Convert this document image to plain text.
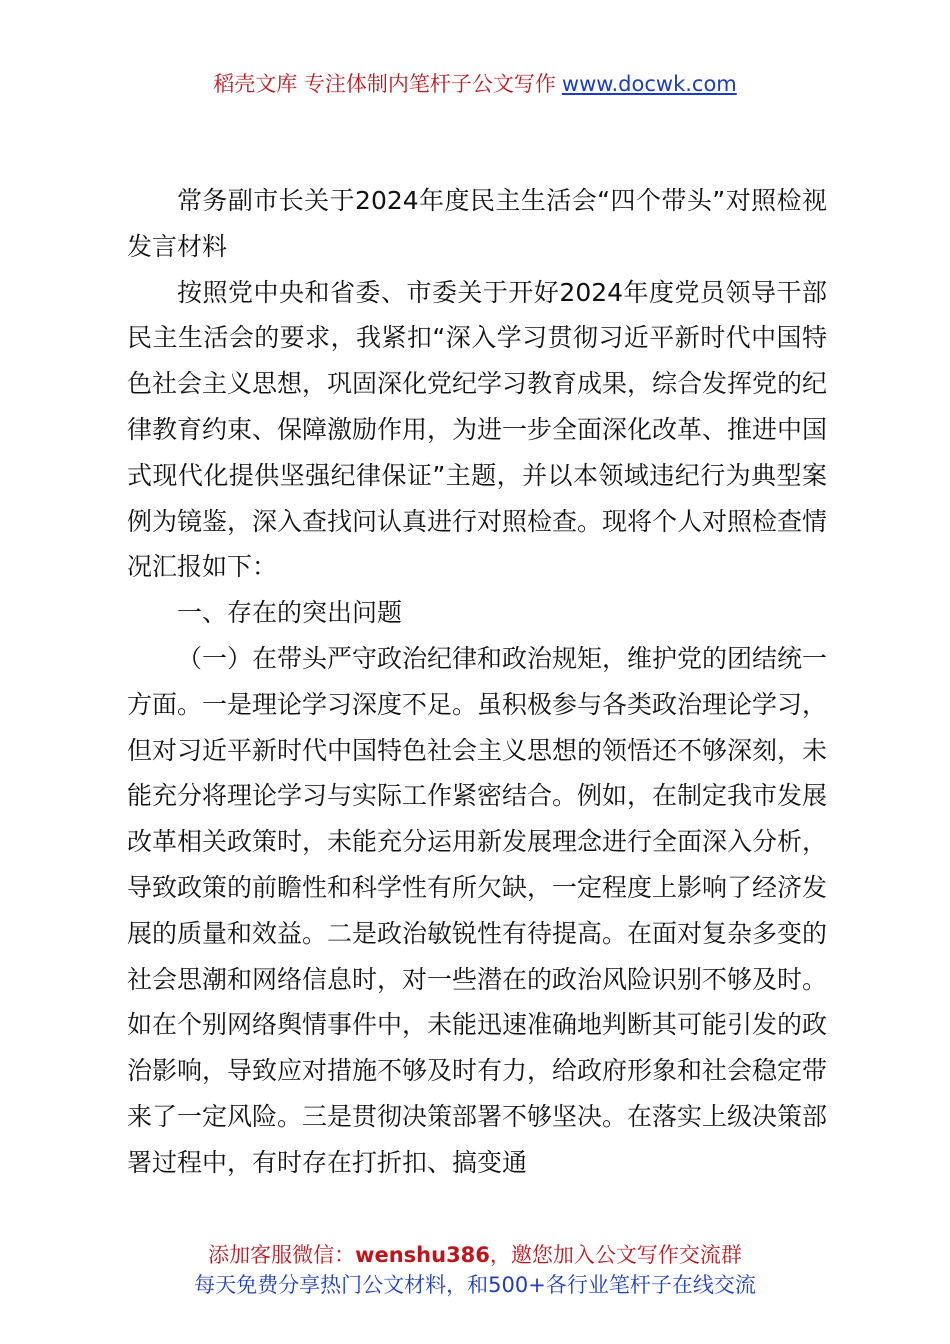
稻壳文库 专注体制内笔杆子公文写作 www.docwk.com

常务副市长关于2024年度民主生活会“四个带头”对照检视发言材料

按照党中央和省委、市委关于开好2024年度党员领导干部民主生活会的要求，我紧扣“深入学习贯彻习近平新时代中国特色社会主义思想，巩固深化党纪学习教育成果，综合发挥党的纪律教育约束、保障激励作用，为进一步全面深化改革、推进中国式现代化提供坚强纪律保证”主题，并以本领域违纪行为典型案例为镜鉴，深入查找问认真进行对照检查。现将个人对照检查情况汇报如下：

一、存在的突出问题

（一）在带头严守政治纪律和政治规矩，维护党的团结统一方面。一是理论学习深度不足。虽积极参与各类政治理论学习，但对习近平新时代中国特色社会主义思想的领悟还不够深刻，未能充分将理论学习与实际工作紧密结合。例如，在制定我市发展改革相关政策时，未能充分运用新发展理念进行全面深入分析，导致政策的前瞻性和科学性有所欠缺，一定程度上影响了经济发展的质量和效益。二是政治敏锐性有待提高。在面对复杂多变的社会思潮和网络信息时，对一些潜在的政治风险识别不够及时。如在个别网络舆情事件中，未能迅速准确地判断其可能引发的政治影响，导致应对措施不够及时有力，给政府形象和社会稳定带来了一定风险。三是贯彻决策部署不够坚决。在落实上级决策部署过程中，有时存在打折扣、搞变通

添加客服微信：wenshu386，邀您加入公文写作交流群
每天免费分享热门公文材料，和500+各行业笔杆子在线交流
